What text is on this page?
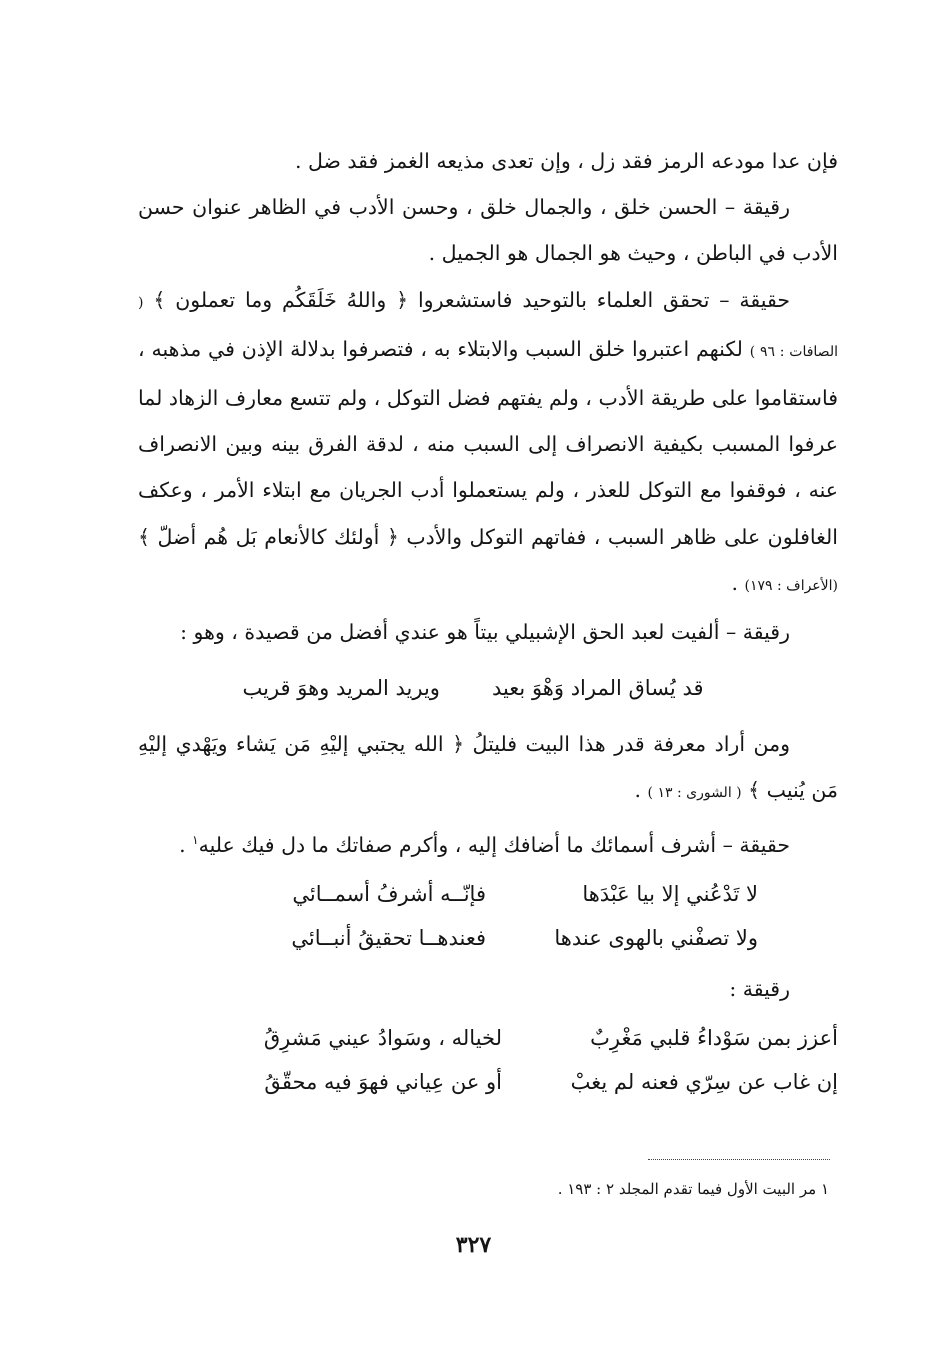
فإن عدا مودعه الرمز فقد زل ، وإن تعدى مذيعه الغمز فقد ضل .

رقيقة – الحسن خلق ، والجمال خلق ، وحسن الأدب في الظاهر عنوان حسن الأدب في الباطن ، وحيث هو الجمال هو الجميل .

حقيقة – تحقق العلماء بالتوحيد فاستشعروا ﴿ واللهُ خَلَقَكُم وما تعملون ﴾ ( الصافات : ٩٦ ) لكنهم اعتبروا خلق السبب والابتلاء به ، فتصرفوا بدلالة الإذن في مذهبه ، فاستقاموا على طريقة الأدب ، ولم يفتهم فضل التوكل ، ولم تتسع معارف الزهاد لما عرفوا المسبب بكيفية الانصراف إلى السبب منه ، لدقة الفرق بينه وبين الانصراف عنه ، فوقفوا مع التوكل للعذر ، ولم يستعملوا أدب الجريان مع ابتلاء الأمر ، وعكف الغافلون على ظاهر السبب ، ففاتهم التوكل والأدب ﴿ أولئك كالأنعام بَل هُم أضلّ ﴾ (الأعراف : ١٧٩) .

رقيقة – ألفيت لعبد الحق الإشبيلي بيتاً هو عندي أفضل من قصيدة ، وهو :

قد يُساق المراد وَهْوَ بعيد
ويريد المريد وهوَ قريب

ومن أراد معرفة قدر هذا البيت فليتلُ ﴿ الله يجتبي إليْهِ مَن يَشاء ويَهْدي إليْهِ مَن يُنيب ﴾ ( الشورى : ١٣ ) .

حقيقة – أشرف أسمائك ما أضافك إليه ، وأكرم صفاتك ما دل فيك عليه$^١$ .

لا تَدْعُني إلا بيا عَبْدَها
فإنّــه أشرفُ أسمــائي
ولا تصفْني بالهوى عندها
فعندهــا تحقيقُ أنبــائي

رقيقة :

أعزز بمن سَوْداءُ قلبي مَغْرِبٌ
لخياله ، وسَوادُ عيني مَشرِقُ
إن غاب عن سِرّي فعنه لم يغبْ
أو عن عِياني فهوَ فيه محقّقُ
١ مر البيت الأول فيما تقدم المجلد ٢ : ١٩٣ .
٣٢٧
